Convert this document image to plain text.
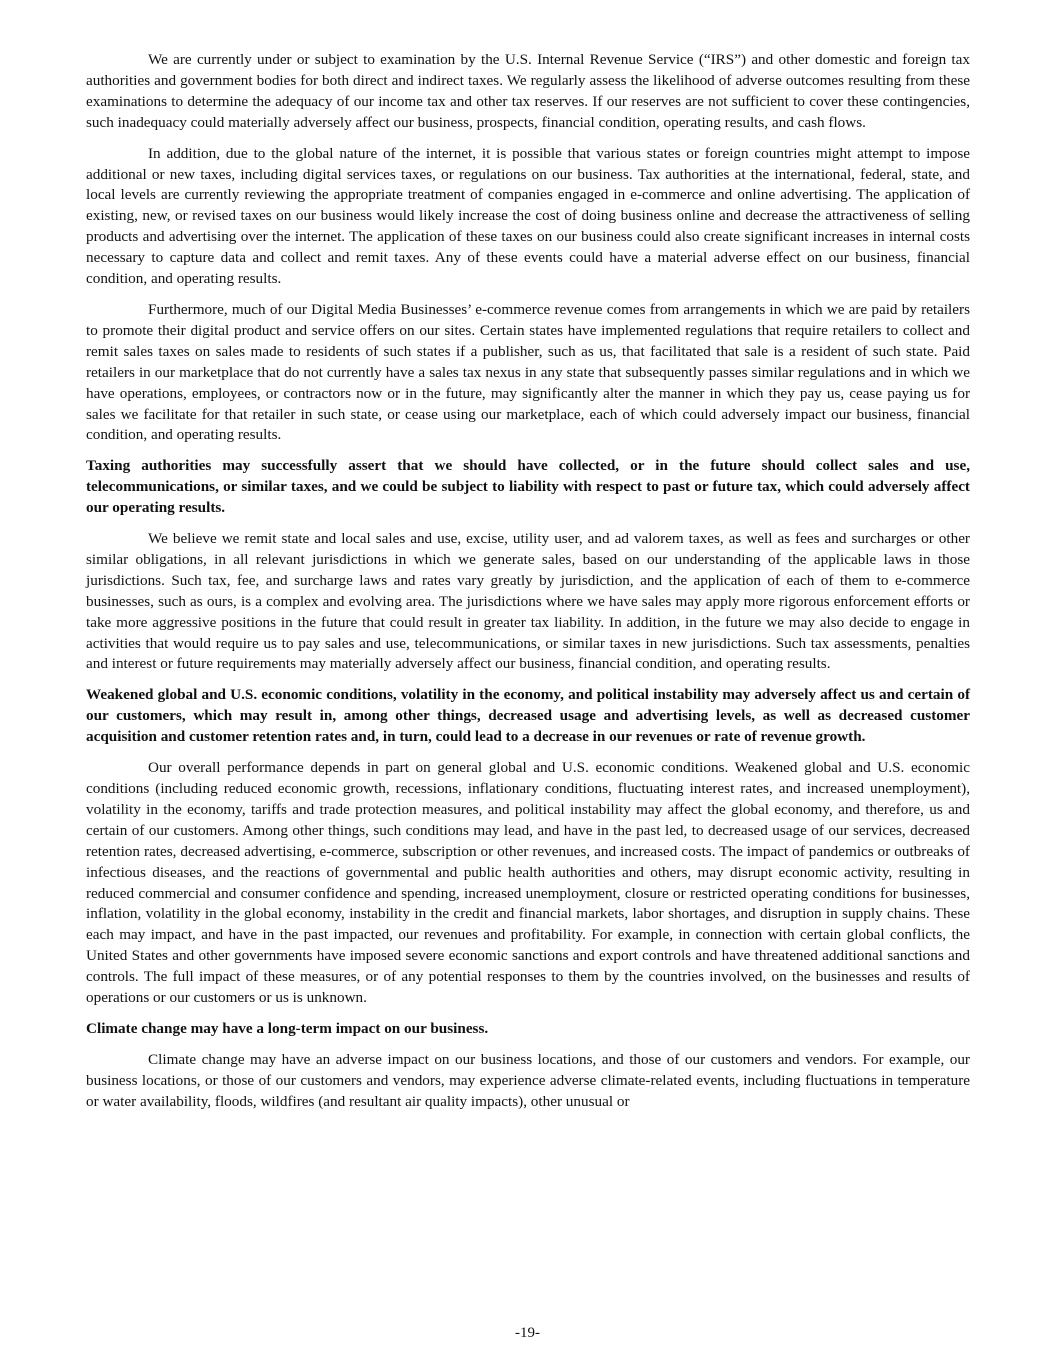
We are currently under or subject to examination by the U.S. Internal Revenue Service (“IRS”) and other domestic and foreign tax authorities and government bodies for both direct and indirect taxes. We regularly assess the likelihood of adverse outcomes resulting from these examinations to determine the adequacy of our income tax and other tax reserves. If our reserves are not sufficient to cover these contingencies, such inadequacy could materially adversely affect our business, prospects, financial condition, operating results, and cash flows.

In addition, due to the global nature of the internet, it is possible that various states or foreign countries might attempt to impose additional or new taxes, including digital services taxes, or regulations on our business. Tax authorities at the international, federal, state, and local levels are currently reviewing the appropriate treatment of companies engaged in e-commerce and online advertising. The application of existing, new, or revised taxes on our business would likely increase the cost of doing business online and decrease the attractiveness of selling products and advertising over the internet. The application of these taxes on our business could also create significant increases in internal costs necessary to capture data and collect and remit taxes. Any of these events could have a material adverse effect on our business, financial condition, and operating results.

Furthermore, much of our Digital Media Businesses’ e-commerce revenue comes from arrangements in which we are paid by retailers to promote their digital product and service offers on our sites. Certain states have implemented regulations that require retailers to collect and remit sales taxes on sales made to residents of such states if a publisher, such as us, that facilitated that sale is a resident of such state. Paid retailers in our marketplace that do not currently have a sales tax nexus in any state that subsequently passes similar regulations and in which we have operations, employees, or contractors now or in the future, may significantly alter the manner in which they pay us, cease paying us for sales we facilitate for that retailer in such state, or cease using our marketplace, each of which could adversely impact our business, financial condition, and operating results.

Taxing authorities may successfully assert that we should have collected, or in the future should collect sales and use, telecommunications, or similar taxes, and we could be subject to liability with respect to past or future tax, which could adversely affect our operating results.

We believe we remit state and local sales and use, excise, utility user, and ad valorem taxes, as well as fees and surcharges or other similar obligations, in all relevant jurisdictions in which we generate sales, based on our understanding of the applicable laws in those jurisdictions. Such tax, fee, and surcharge laws and rates vary greatly by jurisdiction, and the application of each of them to e-commerce businesses, such as ours, is a complex and evolving area. The jurisdictions where we have sales may apply more rigorous enforcement efforts or take more aggressive positions in the future that could result in greater tax liability. In addition, in the future we may also decide to engage in activities that would require us to pay sales and use, telecommunications, or similar taxes in new jurisdictions. Such tax assessments, penalties and interest or future requirements may materially adversely affect our business, financial condition, and operating results.

Weakened global and U.S. economic conditions, volatility in the economy, and political instability may adversely affect us and certain of our customers, which may result in, among other things, decreased usage and advertising levels, as well as decreased customer acquisition and customer retention rates and, in turn, could lead to a decrease in our revenues or rate of revenue growth.

Our overall performance depends in part on general global and U.S. economic conditions. Weakened global and U.S. economic conditions (including reduced economic growth, recessions, inflationary conditions, fluctuating interest rates, and increased unemployment), volatility in the economy, tariffs and trade protection measures, and political instability may affect the global economy, and therefore, us and certain of our customers. Among other things, such conditions may lead, and have in the past led, to decreased usage of our services, decreased retention rates, decreased advertising, e-commerce, subscription or other revenues, and increased costs. The impact of pandemics or outbreaks of infectious diseases, and the reactions of governmental and public health authorities and others, may disrupt economic activity, resulting in reduced commercial and consumer confidence and spending, increased unemployment, closure or restricted operating conditions for businesses, inflation, volatility in the global economy, instability in the credit and financial markets, labor shortages, and disruption in supply chains. These each may impact, and have in the past impacted, our revenues and profitability. For example, in connection with certain global conflicts, the United States and other governments have imposed severe economic sanctions and export controls and have threatened additional sanctions and controls. The full impact of these measures, or of any potential responses to them by the countries involved, on the businesses and results of operations or our customers or us is unknown.

Climate change may have a long-term impact on our business.

Climate change may have an adverse impact on our business locations, and those of our customers and vendors. For example, our business locations, or those of our customers and vendors, may experience adverse climate-related events, including fluctuations in temperature or water availability, floods, wildfires (and resultant air quality impacts), other unusual or

-19-
